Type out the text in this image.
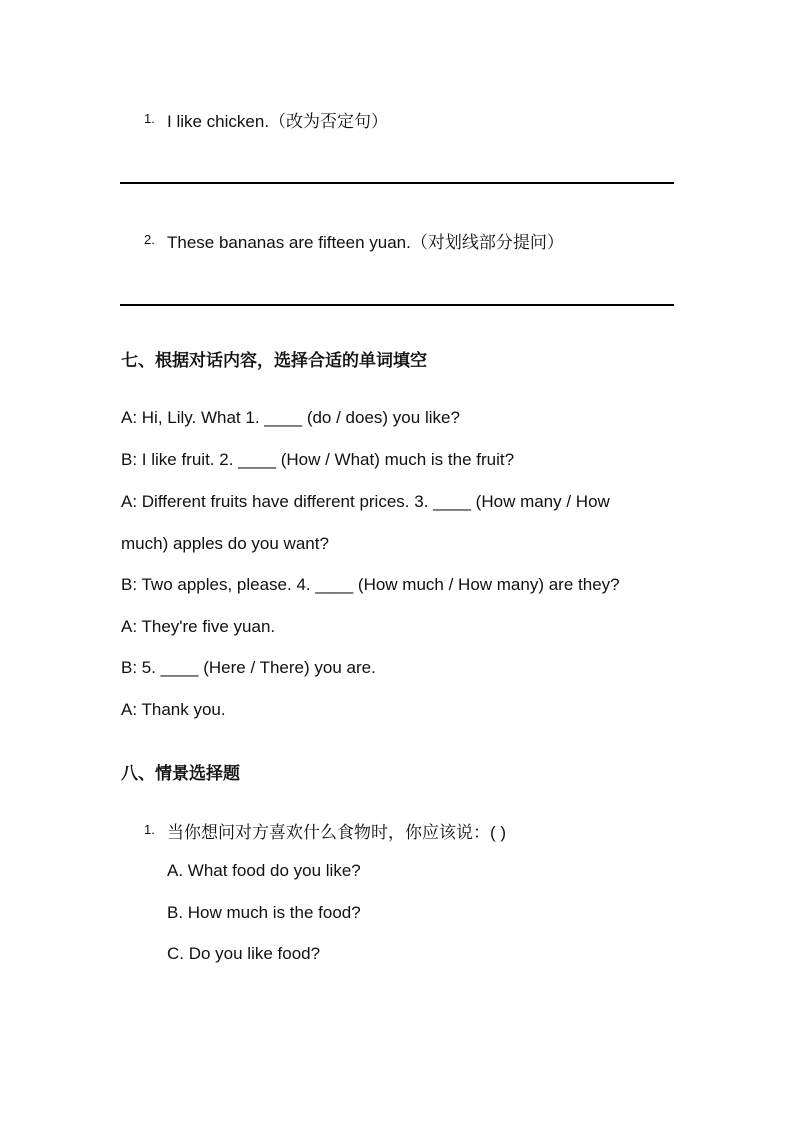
1. I like chicken.（改为否定句）
2. These bananas are fifteen yuan.（对划线部分提问）
七、根据对话内容，选择合适的单词填空
A: Hi, Lily. What 1. ____ (do / does) you like?
B: I like fruit. 2. ____ (How / What) much is the fruit?
A: Different fruits have different prices. 3. ____ (How many / How
much) apples do you want?
B: Two apples, please. 4. ____ (How much / How many) are they?
A: They're five yuan.
B: 5. ____ (Here / There) you are.
A: Thank you.
八、情景选择题
1. 当你想问对方喜欢什么食物时，你应该说：( )
A. What food do you like?
B. How much is the food?
C. Do you like food?
